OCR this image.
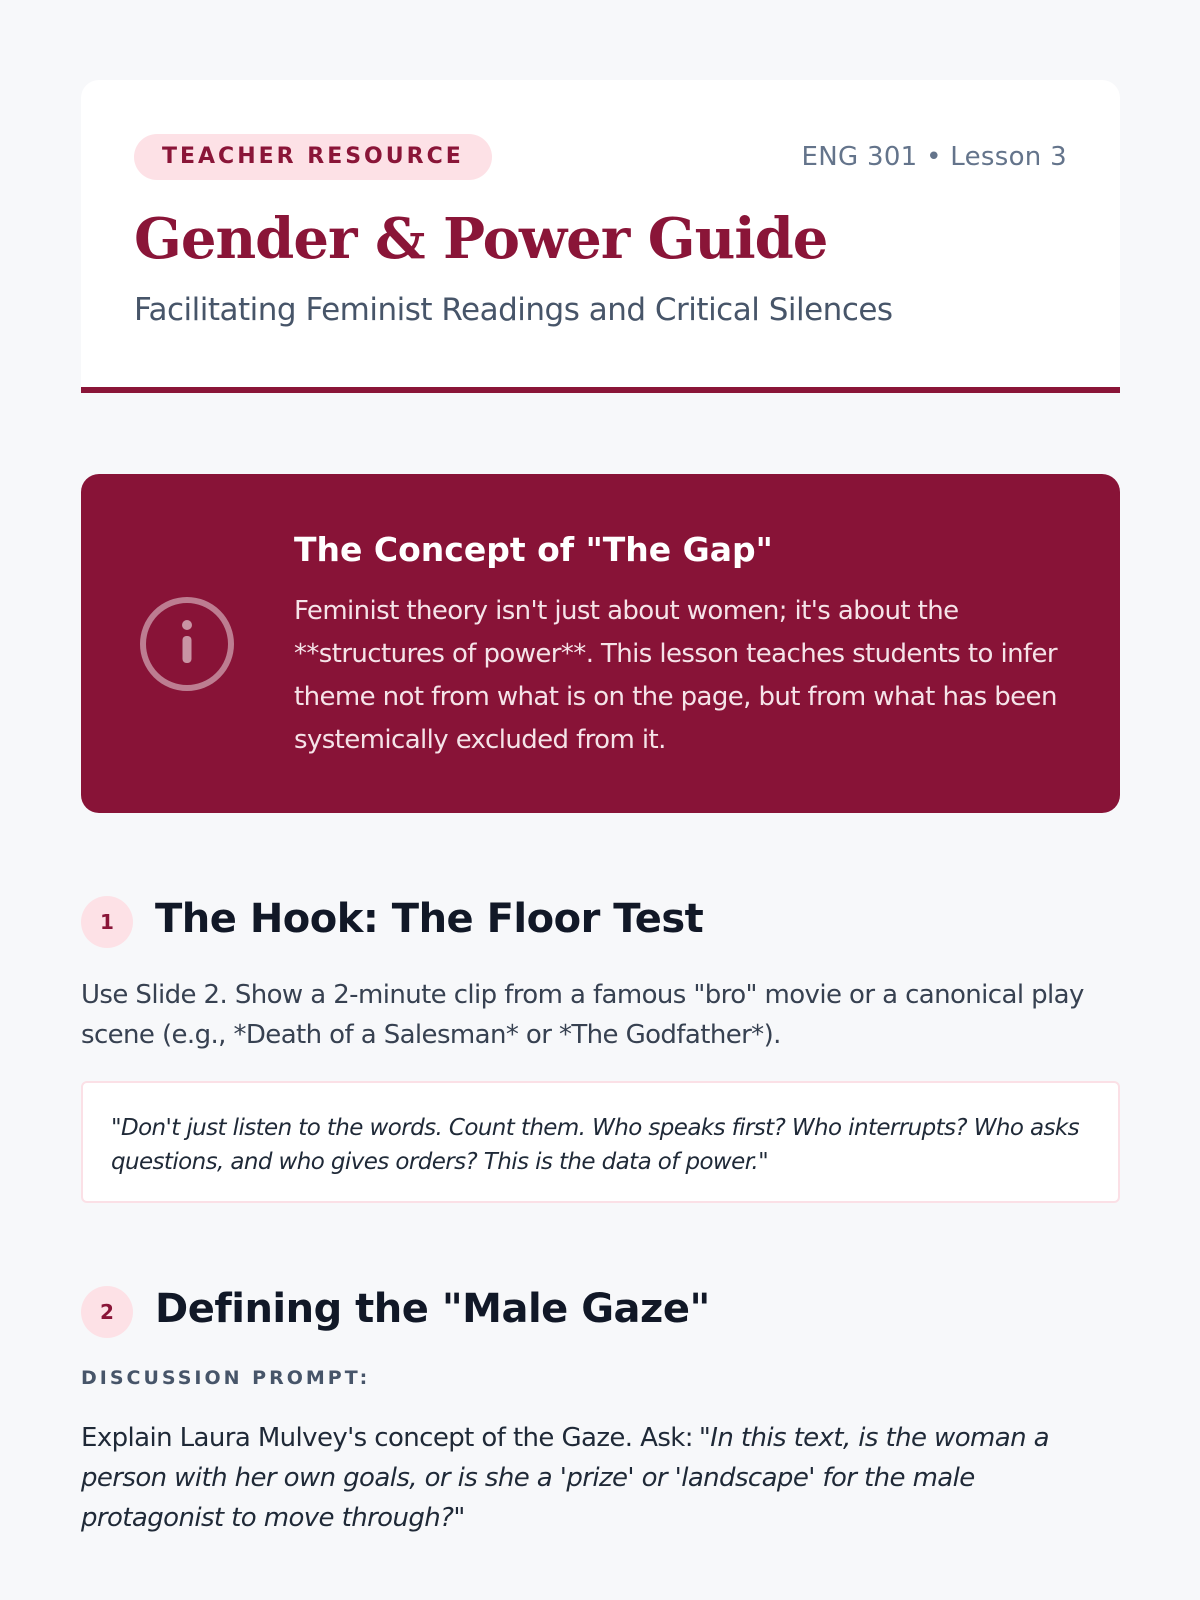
TEACHER RESOURCE	ENG 301 • Lesson 3
Gender & Power Guide
Facilitating Feminist Readings and Critical Silences
The Concept of "The Gap"
Feminist theory isn't just about women; it's about the **structures of power**. This lesson teaches students to infer theme not from what is on the page, but from what has been systemically excluded from it.
1	The Hook: The Floor Test

Use Slide 2. Show a 2-minute clip from a famous "bro" movie or a canonical play scene (e.g., *Death of a Salesman* or *The Godfather*).

"Don't just listen to the words. Count them. Who speaks first? Who interrupts? Who asks questions, and who gives orders? This is the data of power."
2	Defining the "Male Gaze"
DISCUSSION PROMPT:

Explain Laura Mulvey's concept of the Gaze. Ask: "In this text, is the woman a person with her own goals, or is she a 'prize' or 'landscape' for the male protagonist to move through?"
